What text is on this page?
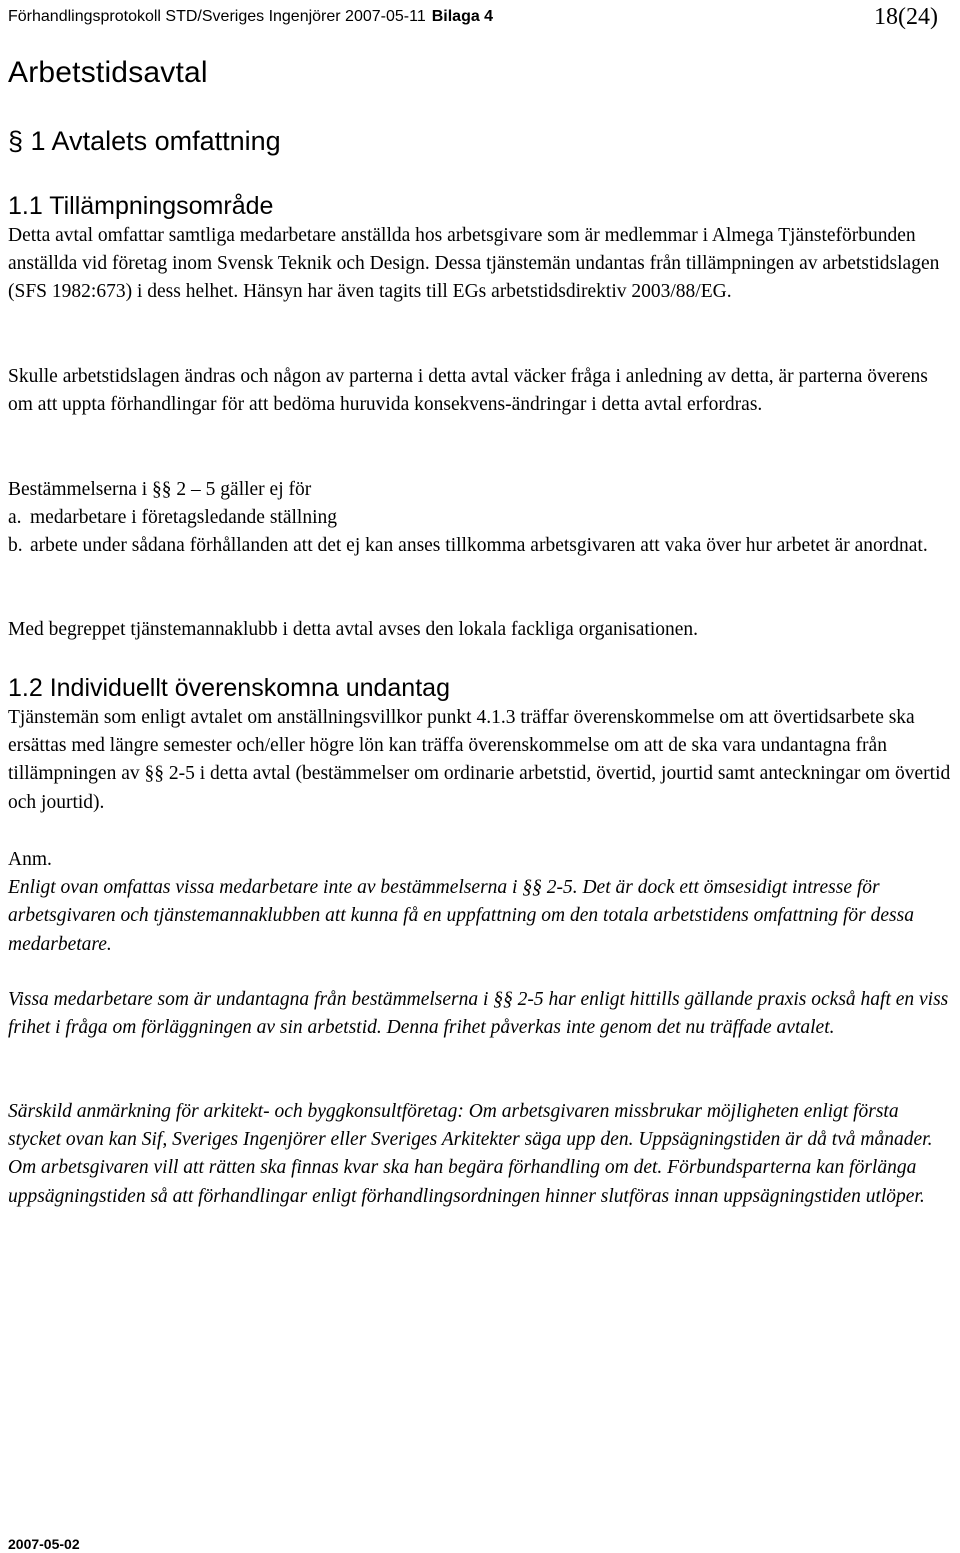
Förhandlingsprotokoll STD/Sveriges Ingenjörer 2007-05-11 Bilaga 4	18(24)
Arbetstidsavtal
§ 1 Avtalets omfattning
1.1 Tillämpningsområde

Detta avtal omfattar samtliga medarbetare anställda hos arbetsgivare som är medlemmar i Almega Tjänsteförbunden anställda vid företag inom Svensk Teknik och Design. Dessa tjänstemän undantas från tillämpningen av arbetstidslagen (SFS 1982:673) i dess helhet. Hänsyn har även tagits till EGs arbetstidsdirektiv 2003/88/EG.

Skulle arbetstidslagen ändras och någon av parterna i detta avtal väcker fråga i anledning av detta, är parterna överens om att uppta förhandlingar för att bedöma huruvida konsekvens-ändringar i detta avtal erfordras.

Bestämmelserna i §§ 2 – 5 gäller ej för

a. medarbetare i företagsledande ställning
b. arbete under sådana förhållanden att det ej kan anses tillkomma arbetsgivaren att vaka över hur arbetet är anordnat.

Med begreppet tjänstemannaklubb i detta avtal avses den lokala fackliga organisationen.

1.2 Individuellt överenskomna undantag

Tjänstemän som enligt avtalet om anställningsvillkor punkt 4.1.3 träffar överenskommelse om att övertidsarbete ska ersättas med längre semester och/eller högre lön kan träffa överenskommelse om att de ska vara undantagna från tillämpningen av §§ 2-5 i detta avtal (bestämmelser om ordinarie arbetstid, övertid, jourtid samt anteckningar om övertid och jourtid).

Anm.

Enligt ovan omfattas vissa medarbetare inte av bestämmelserna i §§ 2-5. Det är dock ett ömsesidigt intresse för arbetsgivaren och tjänstemannaklubben att kunna få en uppfattning om den totala arbetstidens omfattning för dessa medarbetare.

Vissa medarbetare som är undantagna från bestämmelserna i §§ 2-5 har enligt hittills gällande praxis också haft en viss frihet i fråga om förläggningen av sin arbetstid. Denna frihet påverkas inte genom det nu träffade avtalet.

Särskild anmärkning för arkitekt- och byggkonsultföretag: Om arbetsgivaren missbrukar möjligheten enligt första stycket ovan kan Sif, Sveriges Ingenjörer eller Sveriges Arkitekter säga upp den. Uppsägningstiden är då två månader. Om arbetsgivaren vill att rätten ska finnas kvar ska han begära förhandling om det. Förbundsparterna kan förlänga uppsägningstiden så att förhandlingar enligt förhandlingsordningen hinner slutföras innan uppsägningstiden utlöper.

2007-05-02
